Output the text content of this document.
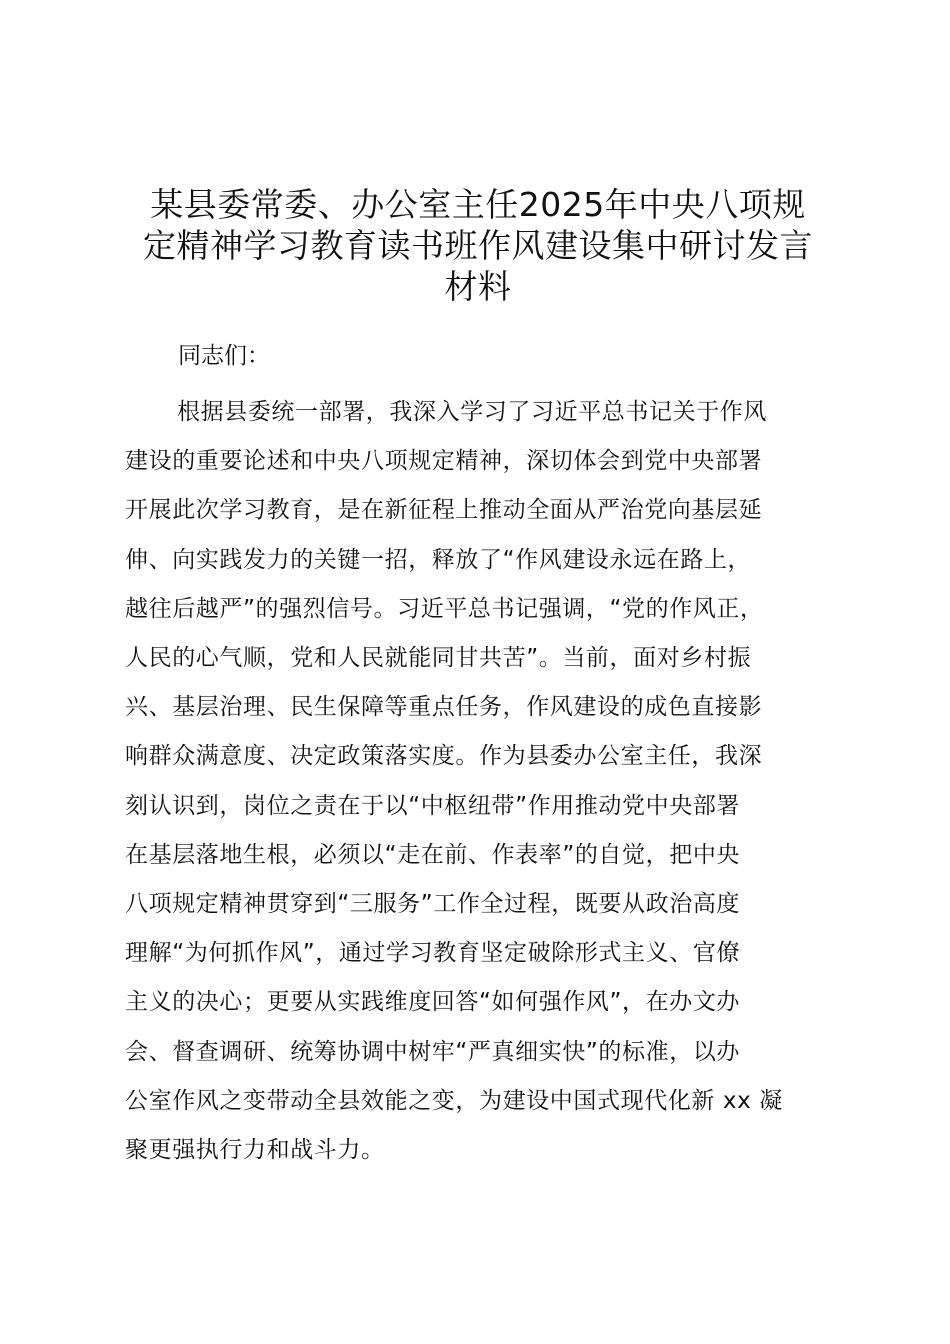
某县委常委、办公室主任2025年中央八项规
定精神学习教育读书班作风建设集中研讨发言
材料

同志们：

根据县委统一部署，我深入学习了习近平总书记关于作风
建设的重要论述和中央八项规定精神，深切体会到党中央部署
开展此次学习教育，是在新征程上推动全面从严治党向基层延
伸、向实践发力的关键一招，释放了“作风建设永远在路上，
越往后越严”的强烈信号。习近平总书记强调，“党的作风正，
人民的心气顺，党和人民就能同甘共苦”。当前，面对乡村振
兴、基层治理、民生保障等重点任务，作风建设的成色直接影
响群众满意度、决定政策落实度。作为县委办公室主任，我深
刻认识到，岗位之责在于以“中枢纽带”作用推动党中央部署
在基层落地生根，必须以“走在前、作表率”的自觉，把中央
八项规定精神贯穿到“三服务”工作全过程，既要从政治高度
理解“为何抓作风”，通过学习教育坚定破除形式主义、官僚
主义的决心；更要从实践维度回答“如何强作风”，在办文办
会、督查调研、统筹协调中树牢“严真细实快”的标准，以办
公室作风之变带动全县效能之变，为建设中国式现代化新 xx 凝
聚更强执行力和战斗力。
